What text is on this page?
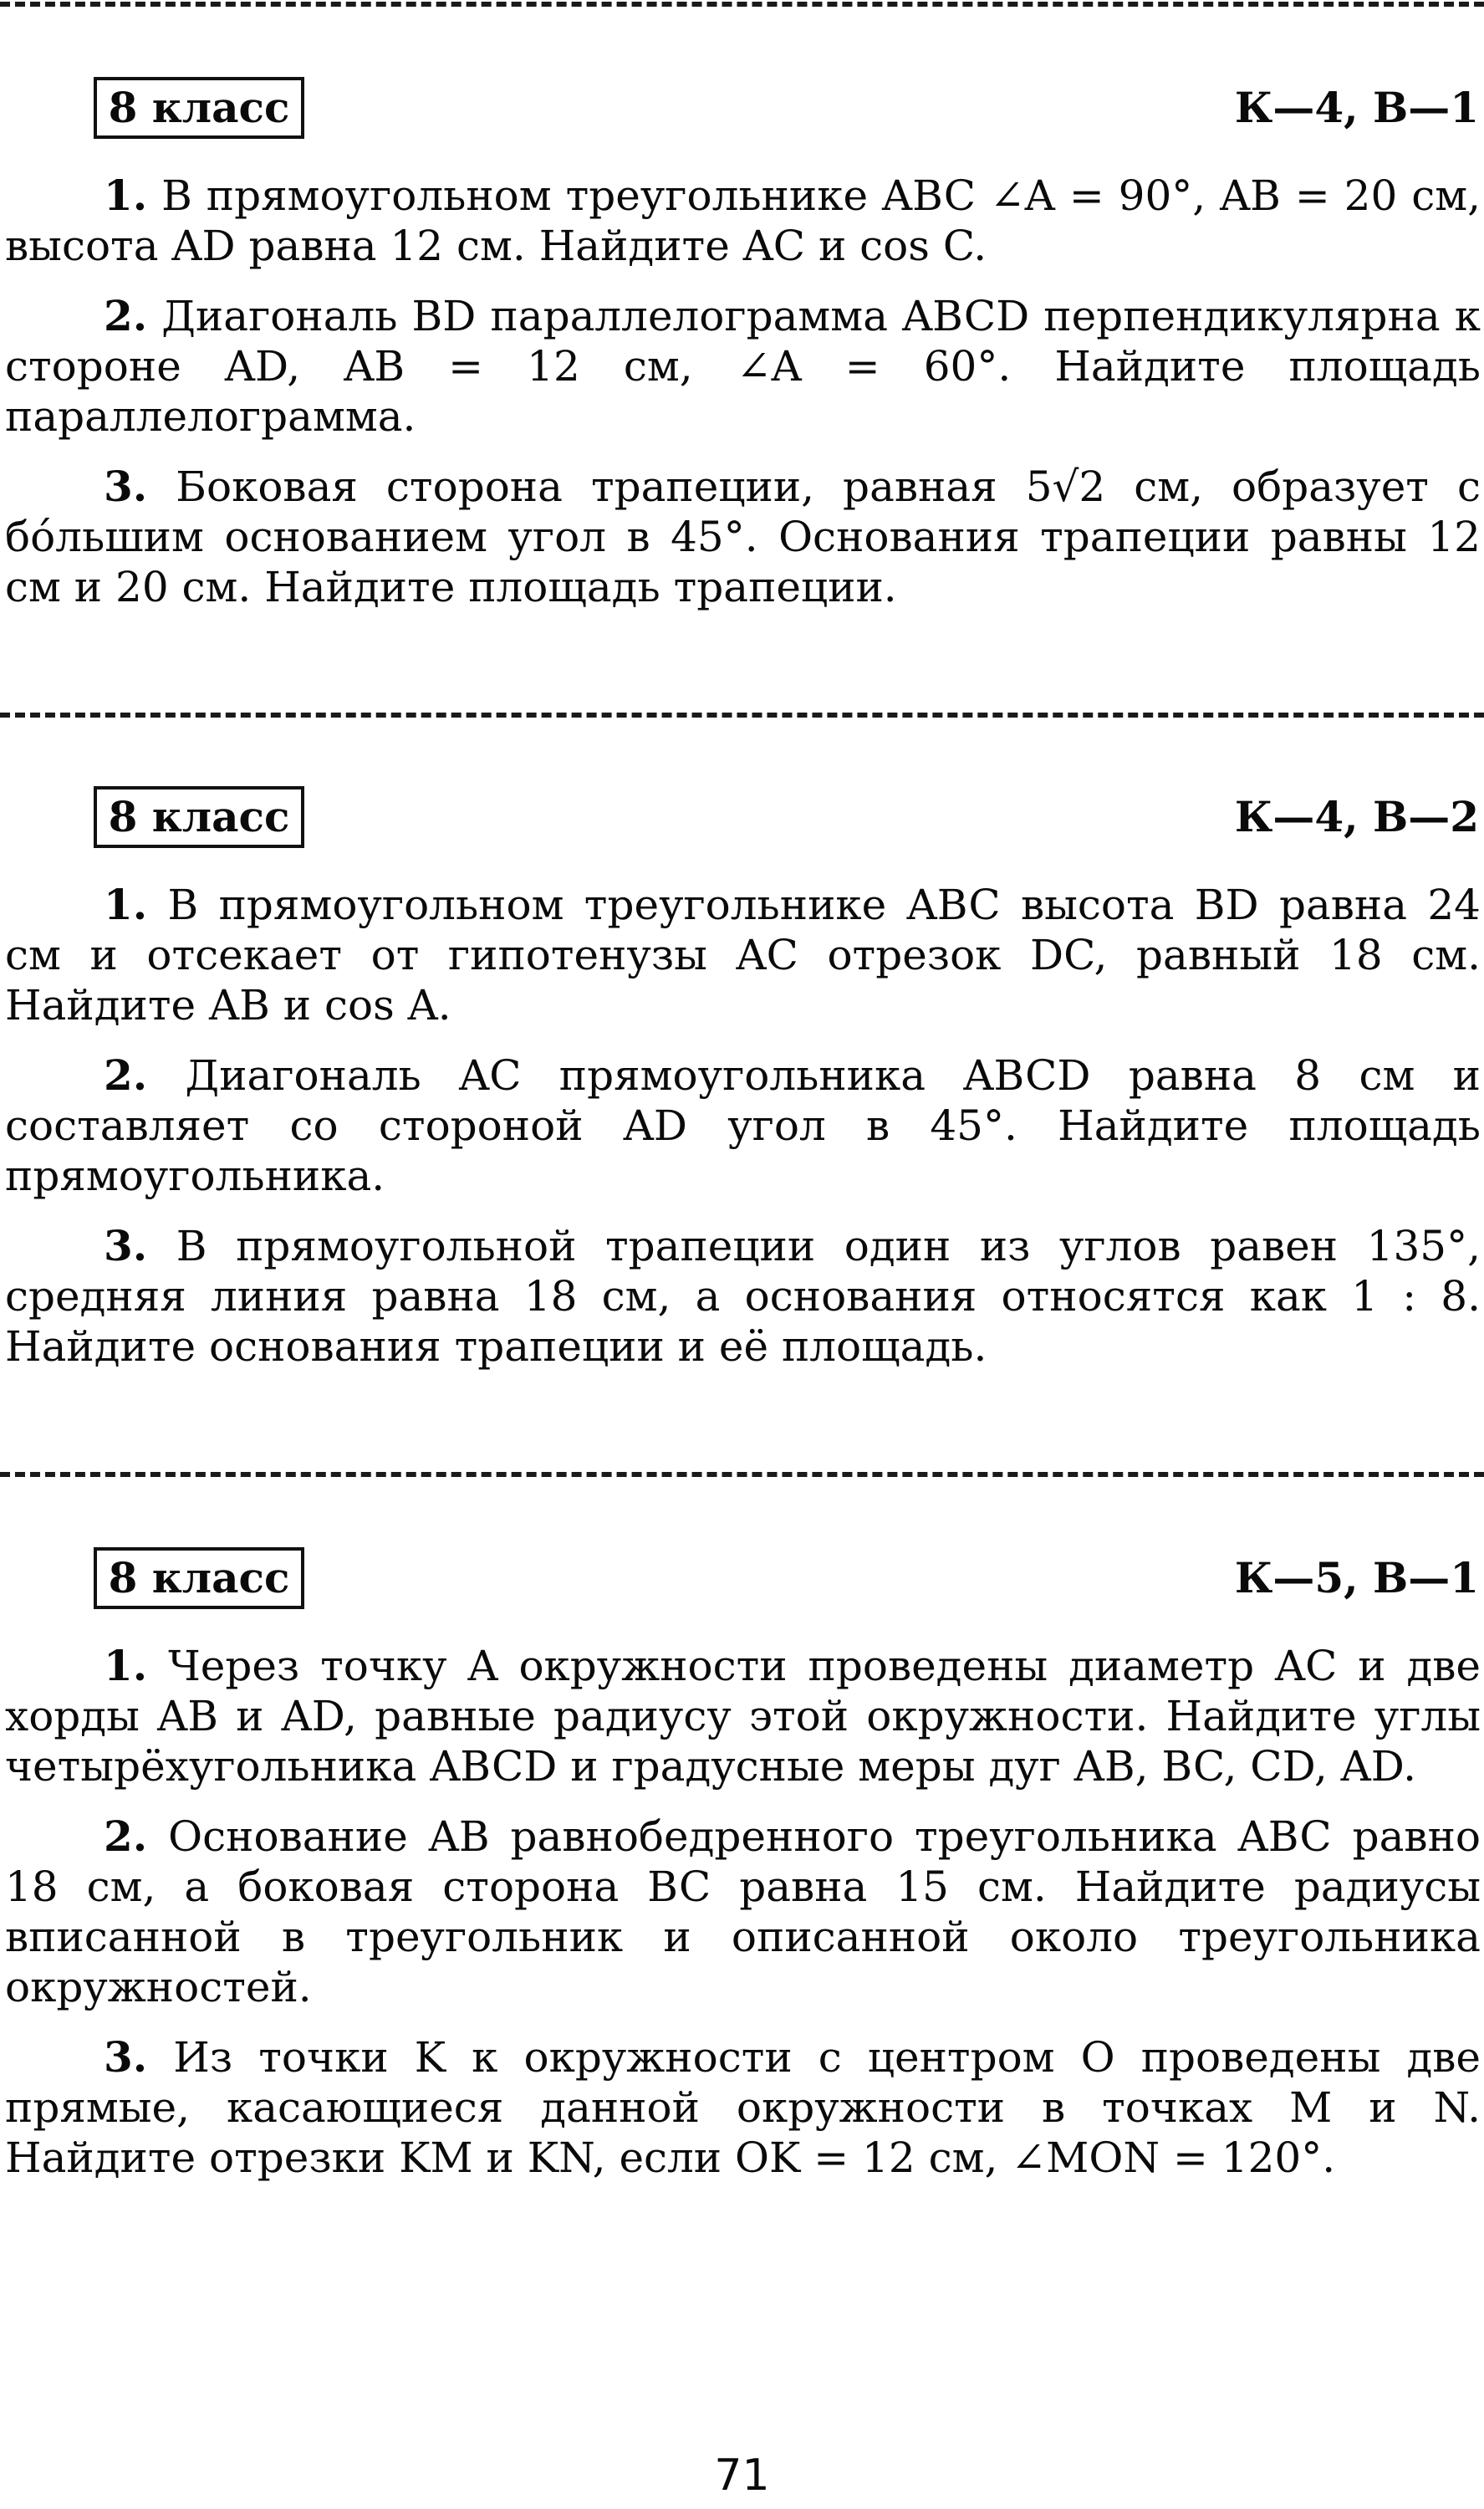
8 класс	К—4, В—1

1. В прямоугольном треугольнике ABC ∠A = 90°, AB = 20 см, высота AD равна 12 см. Найдите AC и cos C.

2. Диагональ BD параллелограмма ABCD перпендикулярна к стороне AD, AB = 12 см, ∠A = 60°. Найдите площадь параллелограмма.

3. Боковая сторона трапеции, равная 5√2 см, образует с бóльшим основанием угол в 45°. Основания трапеции равны 12 см и 20 см. Найдите площадь трапеции.

8 класс	К—4, В—2

1. В прямоугольном треугольнике ABC высота BD равна 24 см и отсекает от гипотенузы AC отрезок DC, равный 18 см. Найдите AB и cos A.

2. Диагональ AC прямоугольника ABCD равна 8 см и составляет со стороной AD угол в 45°. Найдите площадь прямоугольника.

3. В прямоугольной трапеции один из углов равен 135°, средняя линия равна 18 см, а основания относятся как 1 : 8. Найдите основания трапеции и её площадь.

8 класс	К—5, В—1

1. Через точку A окружности проведены диаметр AC и две хорды AB и AD, равные радиусу этой окружности. Найдите углы четырёхугольника ABCD и градусные меры дуг AB, BC, CD, AD.

2. Основание AB равнобедренного треугольника ABC равно 18 см, а боковая сторона BC равна 15 см. Найдите радиусы вписанной в треугольник и описанной около треугольника окружностей.

3. Из точки K к окружности с центром O проведены две прямые, касающиеся данной окружности в точках M и N. Найдите отрезки KM и KN, если OK = 12 см, ∠MON = 120°.

71
